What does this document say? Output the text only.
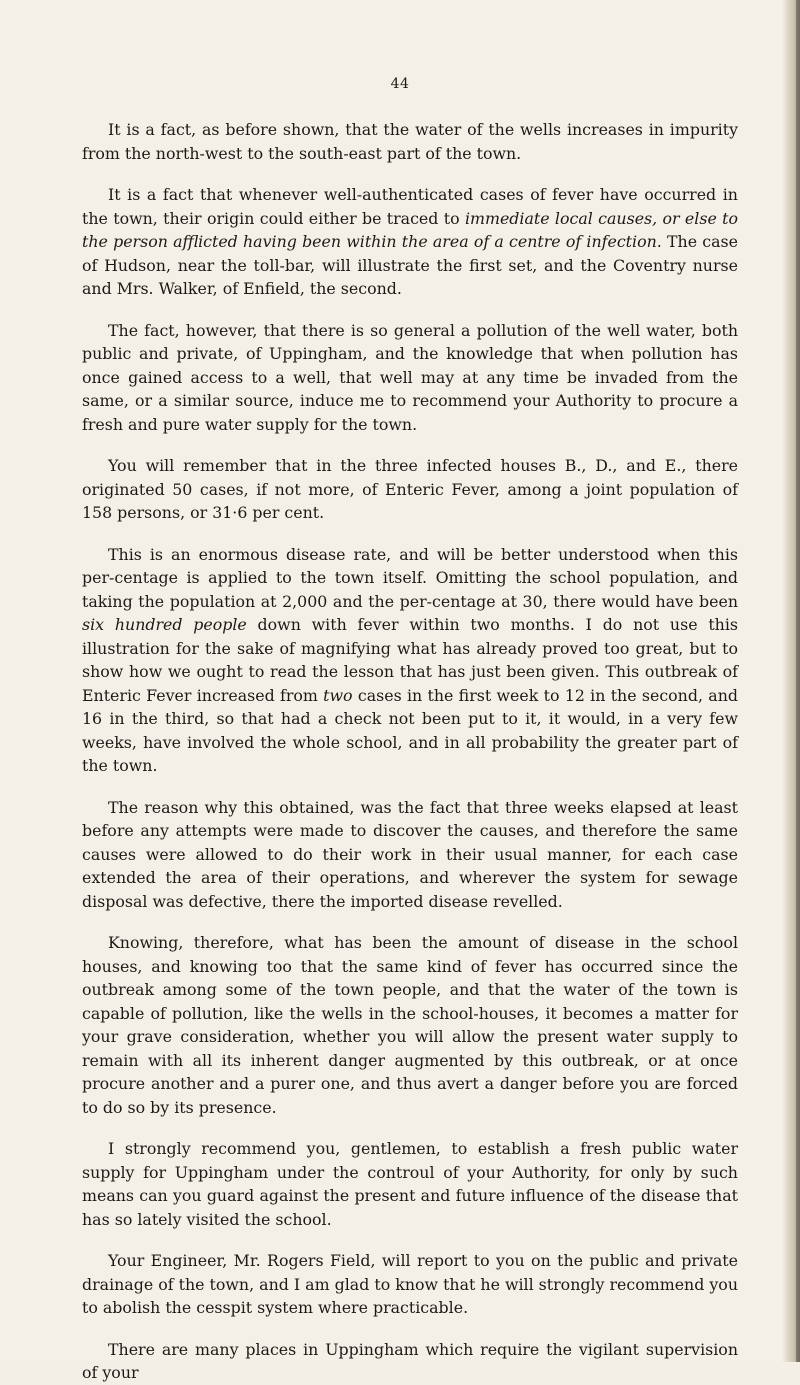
44

It is a fact, as before shown, that the water of the wells increases in impurity from the north-west to the south-east part of the town.

It is a fact that whenever well-authenticated cases of fever have occurred in the town, their origin could either be traced to immediate local causes, or else to the person afflicted having been within the area of a centre of infection. The case of Hudson, near the toll-bar, will illustrate the first set, and the Coventry nurse and Mrs. Walker, of Enfield, the second.

The fact, however, that there is so general a pollution of the well water, both public and private, of Uppingham, and the knowledge that when pollution has once gained access to a well, that well may at any time be invaded from the same, or a similar source, induce me to recommend your Authority to procure a fresh and pure water supply for the town.

You will remember that in the three infected houses B., D., and E., there originated 50 cases, if not more, of Enteric Fever, among a joint population of 158 persons, or 31·6 per cent.

This is an enormous disease rate, and will be better understood when this per-centage is applied to the town itself. Omitting the school population, and taking the population at 2,000 and the per-centage at 30, there would have been six hundred people down with fever within two months. I do not use this illustration for the sake of magnifying what has already proved too great, but to show how we ought to read the lesson that has just been given. This outbreak of Enteric Fever increased from two cases in the first week to 12 in the second, and 16 in the third, so that had a check not been put to it, it would, in a very few weeks, have involved the whole school, and in all probability the greater part of the town.

The reason why this obtained, was the fact that three weeks elapsed at least before any attempts were made to discover the causes, and therefore the same causes were allowed to do their work in their usual manner, for each case extended the area of their operations, and wherever the system for sewage disposal was defective, there the imported disease revelled.

Knowing, therefore, what has been the amount of disease in the school houses, and knowing too that the same kind of fever has occurred since the outbreak among some of the town people, and that the water of the town is capable of pollution, like the wells in the school-houses, it becomes a matter for your grave consideration, whether you will allow the present water supply to remain with all its inherent danger augmented by this outbreak, or at once procure another and a purer one, and thus avert a danger before you are forced to do so by its presence.

I strongly recommend you, gentlemen, to establish a fresh public water supply for Uppingham under the controul of your Authority, for only by such means can you guard against the present and future influence of the disease that has so lately visited the school.

Your Engineer, Mr. Rogers Field, will report to you on the public and private drainage of the town, and I am glad to know that he will strongly recommend you to abolish the cesspit system where practicable.

There are many places in Uppingham which require the vigilant supervision of your
